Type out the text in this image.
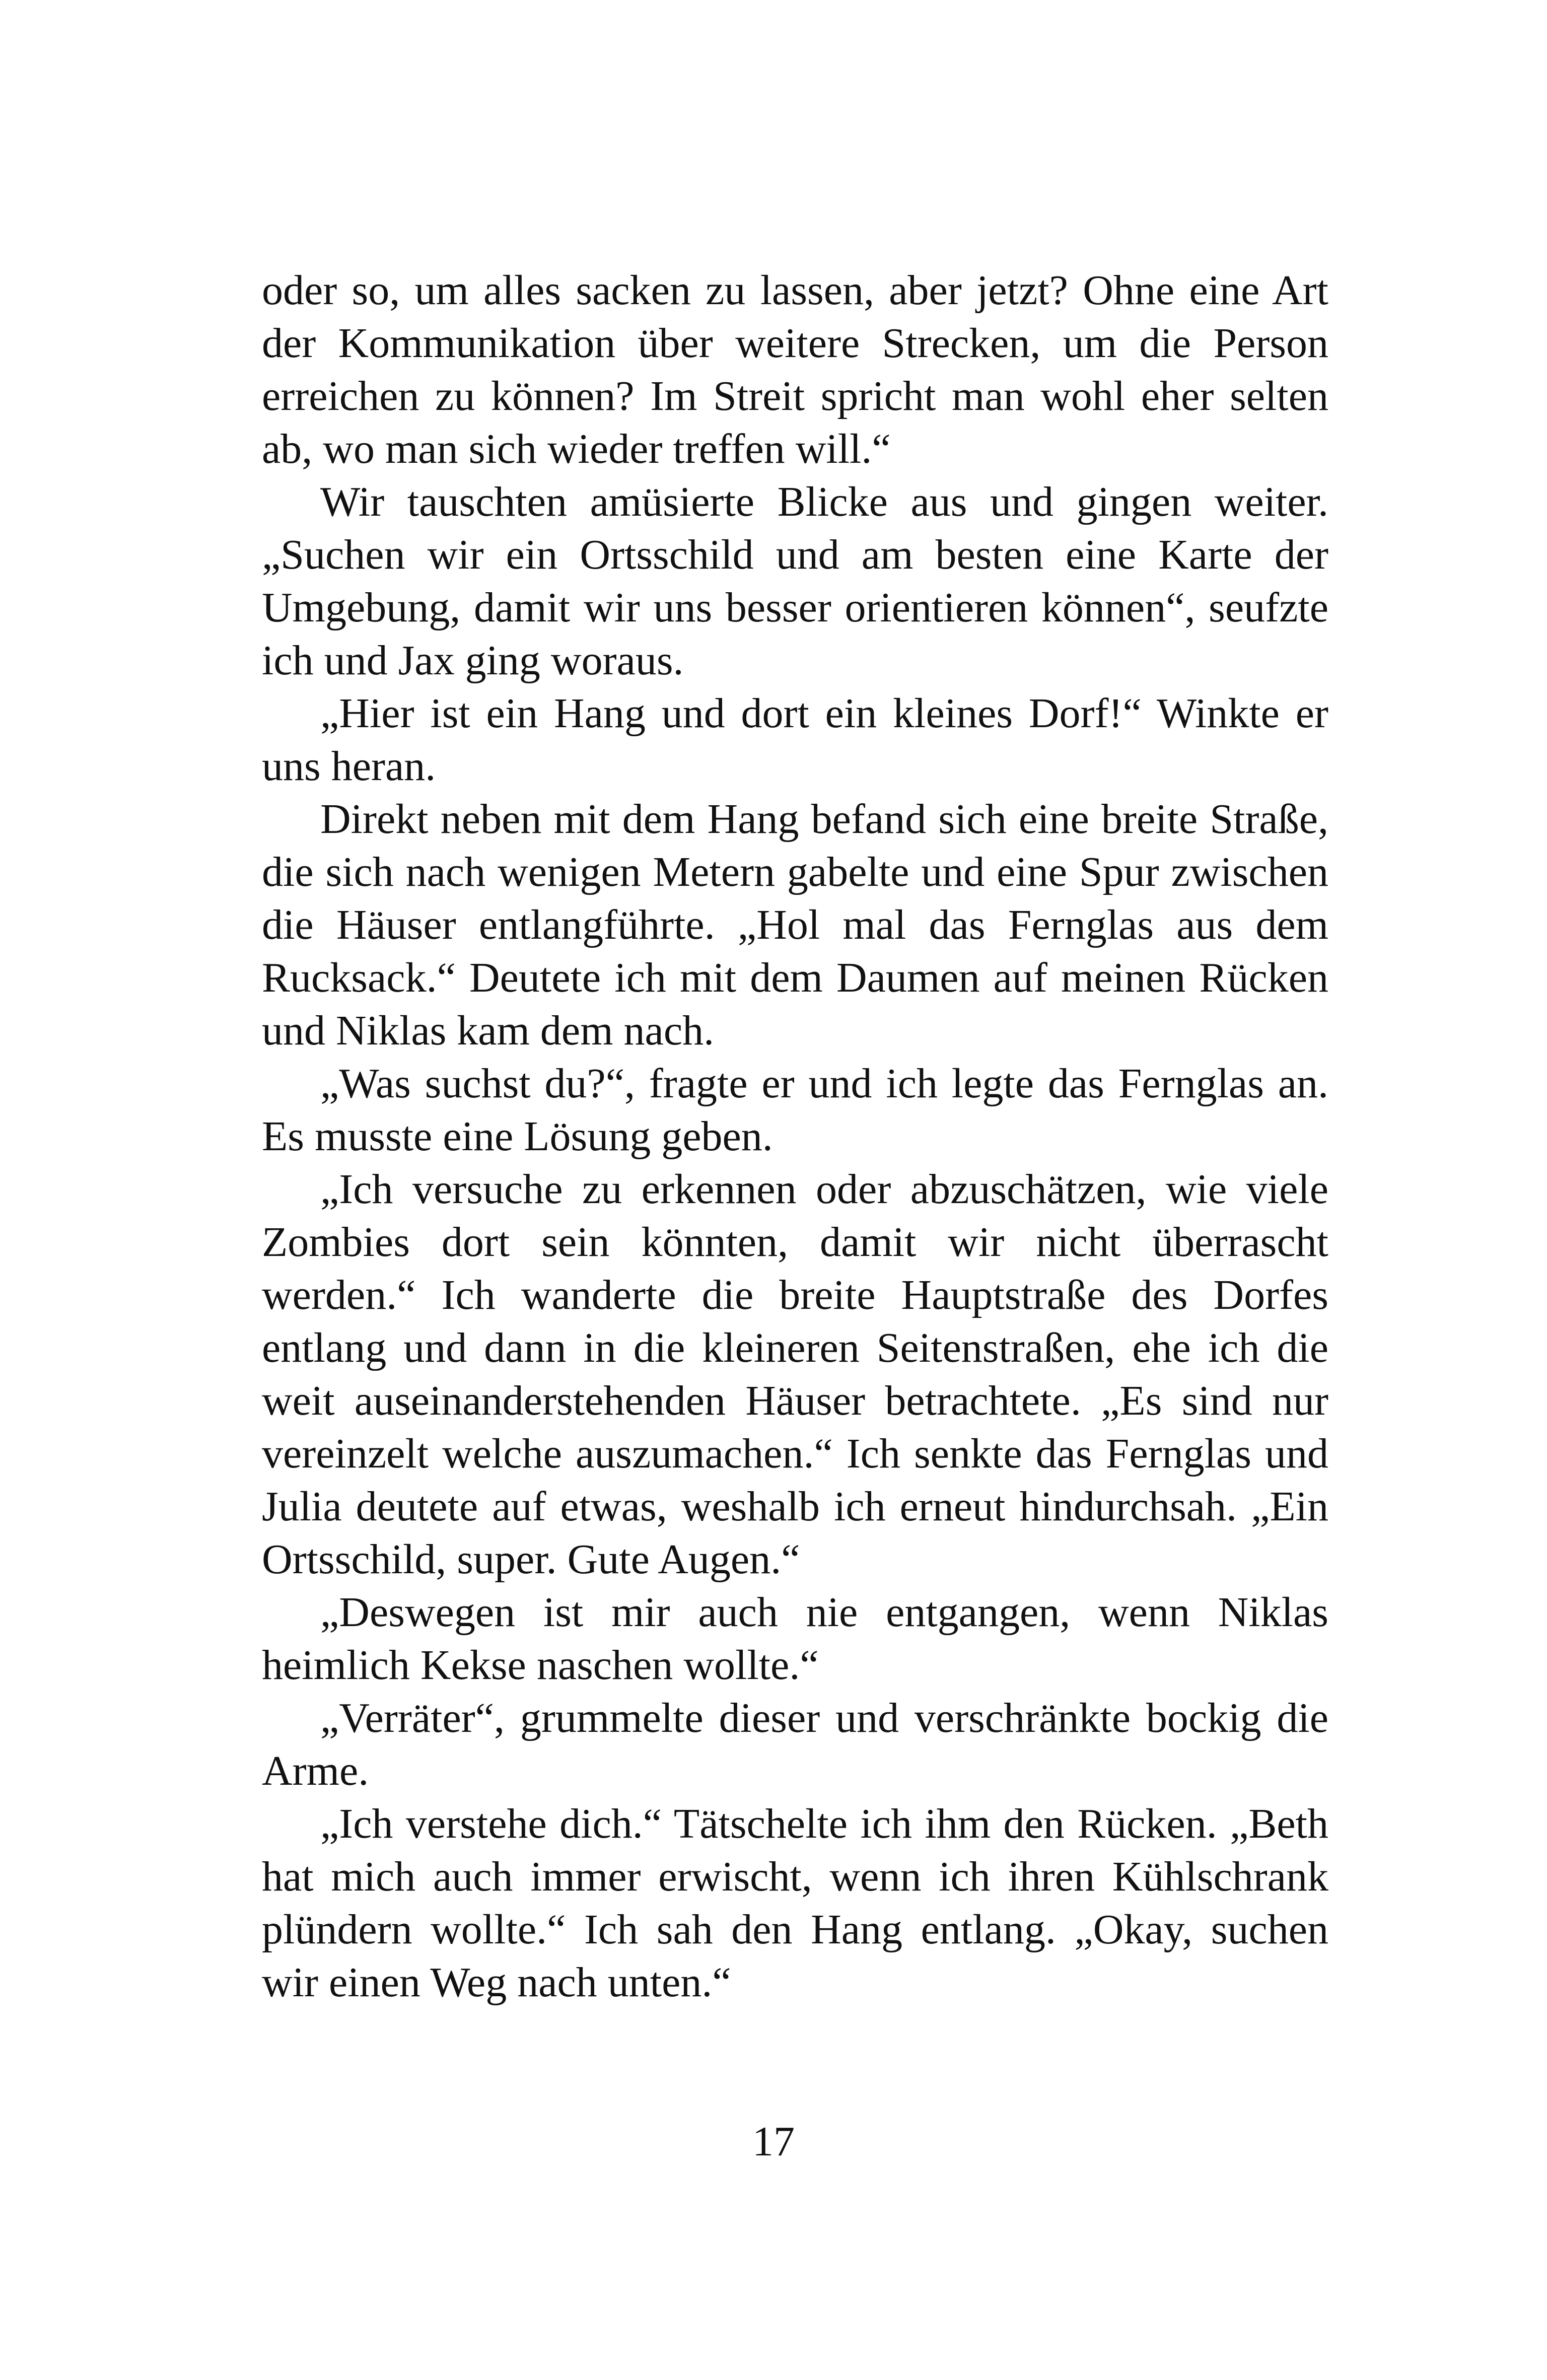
oder so, um alles sacken zu lassen, aber jetzt? Ohne eine Art der Kommunikation über weitere Strecken, um die Person erreichen zu können? Im Streit spricht man wohl eher selten ab, wo man sich wieder treffen will.“

Wir tauschten amüsierte Blicke aus und gingen weiter. „Suchen wir ein Ortsschild und am besten eine Karte der Umgebung, damit wir uns besser orientieren können“, seufzte ich und Jax ging woraus.

„Hier ist ein Hang und dort ein kleines Dorf!“ Winkte er uns heran.

Direkt neben mit dem Hang befand sich eine breite Straße, die sich nach wenigen Metern gabelte und eine Spur zwischen die Häuser entlangführte. „Hol mal das Fernglas aus dem Rucksack.“ Deutete ich mit dem Daumen auf meinen Rücken und Niklas kam dem nach.

„Was suchst du?“, fragte er und ich legte das Fernglas an. Es musste eine Lösung geben.

„Ich versuche zu erkennen oder abzuschätzen, wie viele Zombies dort sein könnten, damit wir nicht überrascht werden.“ Ich wanderte die breite Hauptstraße des Dorfes entlang und dann in die kleineren Seitenstraßen, ehe ich die weit auseinanderstehenden Häuser betrachtete. „Es sind nur vereinzelt welche auszumachen.“ Ich senkte das Fernglas und Julia deutete auf etwas, weshalb ich erneut hindurchsah. „Ein Ortsschild, super. Gute Augen.“

„Deswegen ist mir auch nie entgangen, wenn Niklas heimlich Kekse naschen wollte.“

„Verräter“, grummelte dieser und verschränkte bockig die Arme.

„Ich verstehe dich.“ Tätschelte ich ihm den Rücken. „Beth hat mich auch immer erwischt, wenn ich ihren Kühlschrank plündern wollte.“ Ich sah den Hang entlang. „Okay, suchen wir einen Weg nach unten.“

17
